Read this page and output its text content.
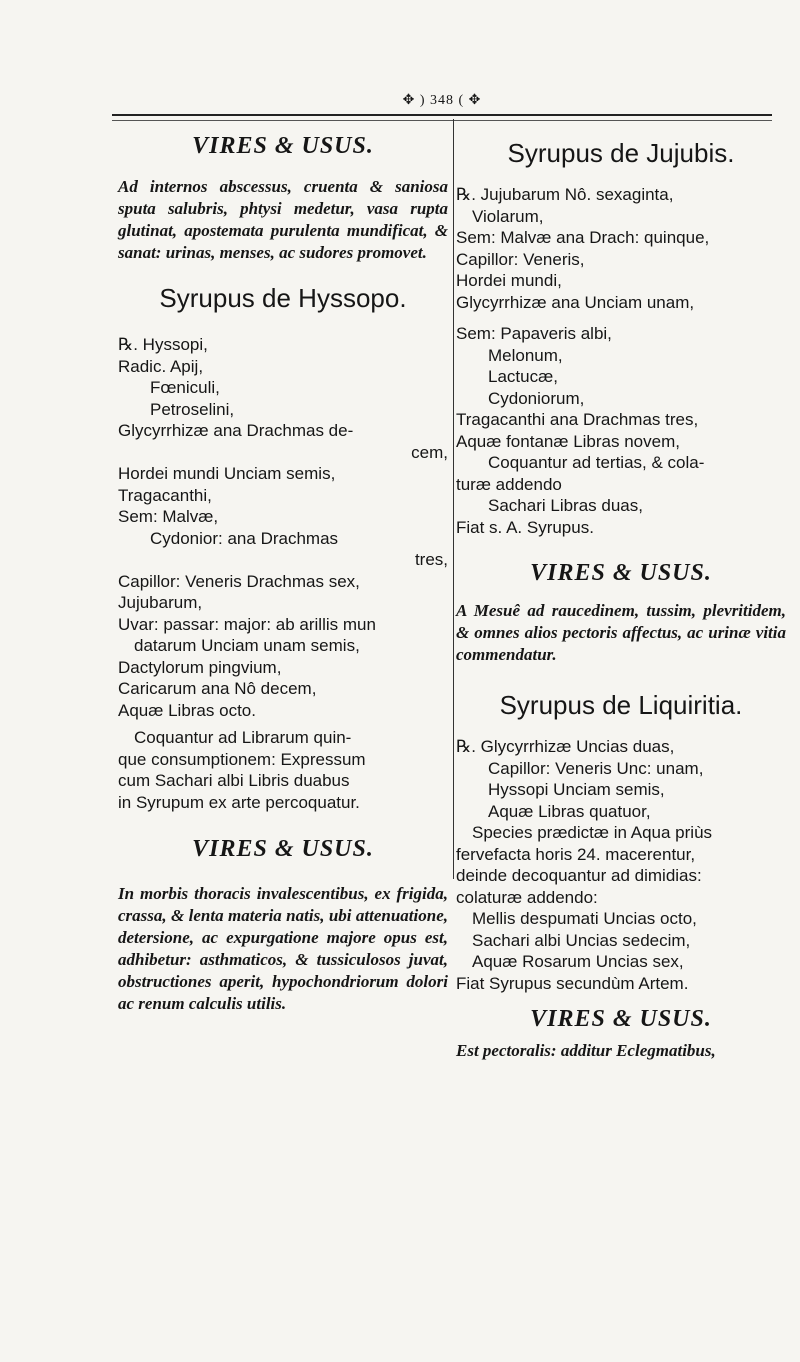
✥ ) 348 ( ✥
VIRES & USUS.
Ad internos abscessus, cruenta & saniosa sputa salubris, phtysi medetur, vasa rupta glutinat, apostemata purulenta mundificat, & sanat: urinas, menses, ac sudores promovet.
Syrupus de Hyssopo.
℞. Hyssopi,
Radic. Apij,
Fœniculi,
Petroselini,
Glycyrrhizæ ana Drachmas de-
cem,
Hordei mundi Unciam semis,
Tragacanthi,
Sem: Malvæ,
Cydonior: ana Drachmas
tres,
Capillor: Veneris Drachmas sex,
Jujubarum,
Uvar: passar: major: ab arillis mun
datarum Unciam unam semis,
Dactylorum pingvium,
Caricarum ana Nô decem,
Aquæ Libras octo.
Coquantur ad Librarum quin-
que consumptionem: Expressum
cum Sachari albi Libris duabus
in Syrupum ex arte percoquatur.
VIRES & USUS.
In morbis thoracis invalescentibus, ex frigida, crassa, & lenta materia natis, ubi attenuatione, detersione, ac expurgatione majore opus est, adhibetur: asthmaticos, & tussiculosos juvat, obstructiones aperit, hypochondriorum dolori ac renum calculis utilis.
Syrupus de Jujubis.
℞. Jujubarum Nô. sexaginta,
Violarum,
Sem: Malvæ ana Drach: quinque,
Capillor: Veneris,
Hordei mundi,
Glycyrrhizæ ana Unciam unam,
Sem: Papaveris albi,
Melonum,
Lactucæ,
Cydoniorum,
Tragacanthi ana Drachmas tres,
Aquæ fontanæ Libras novem,
Coquantur ad tertias, & cola-
turæ addendo
Sachari Libras duas,
Fiat s. A. Syrupus.
VIRES & USUS.
A Mesuê ad raucedinem, tussim, plevritidem, & omnes alios pectoris affectus, ac urinæ vitia commendatur.
Syrupus de Liquiritia.
℞. Glycyrrhizæ Uncias duas,
Capillor: Veneris Unc: unam,
Hyssopi Unciam semis,
Aquæ Libras quatuor,
Species prædictæ in Aqua priùs
fervefacta horis 24. macerentur,
deinde decoquantur ad dimidias:
colaturæ addendo:
Mellis despumati Uncias octo,
Sachari albi Uncias sedecim,
Aquæ Rosarum Uncias sex,
Fiat Syrupus secundùm Artem.
VIRES & USUS.
Est pectoralis: additur Eclegmatibus,
